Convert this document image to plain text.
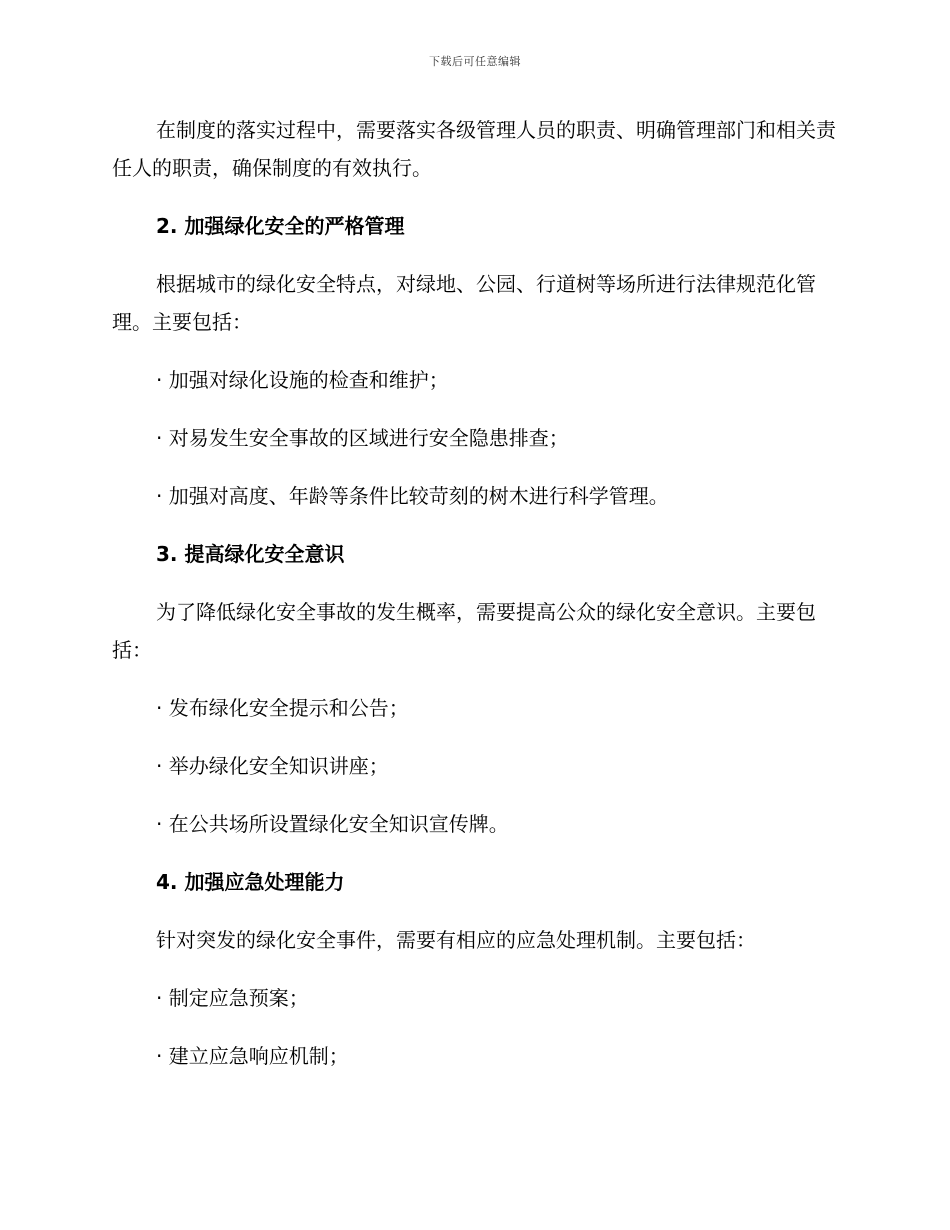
下载后可任意编辑

在制度的落实过程中，需要落实各级管理人员的职责、明确管理部门和相关责任人的职责，确保制度的有效执行。

2. 加强绿化安全的严格管理

根据城市的绿化安全特点，对绿地、公园、行道树等场所进行法律规范化管理。主要包括：

· 加强对绿化设施的检查和维护；

· 对易发生安全事故的区域进行安全隐患排查；

· 加强对高度、年龄等条件比较苛刻的树木进行科学管理。

3. 提高绿化安全意识

为了降低绿化安全事故的发生概率，需要提高公众的绿化安全意识。主要包括：

· 发布绿化安全提示和公告；

· 举办绿化安全知识讲座；

· 在公共场所设置绿化安全知识宣传牌。

4. 加强应急处理能力

针对突发的绿化安全事件，需要有相应的应急处理机制。主要包括：

· 制定应急预案；

· 建立应急响应机制；
